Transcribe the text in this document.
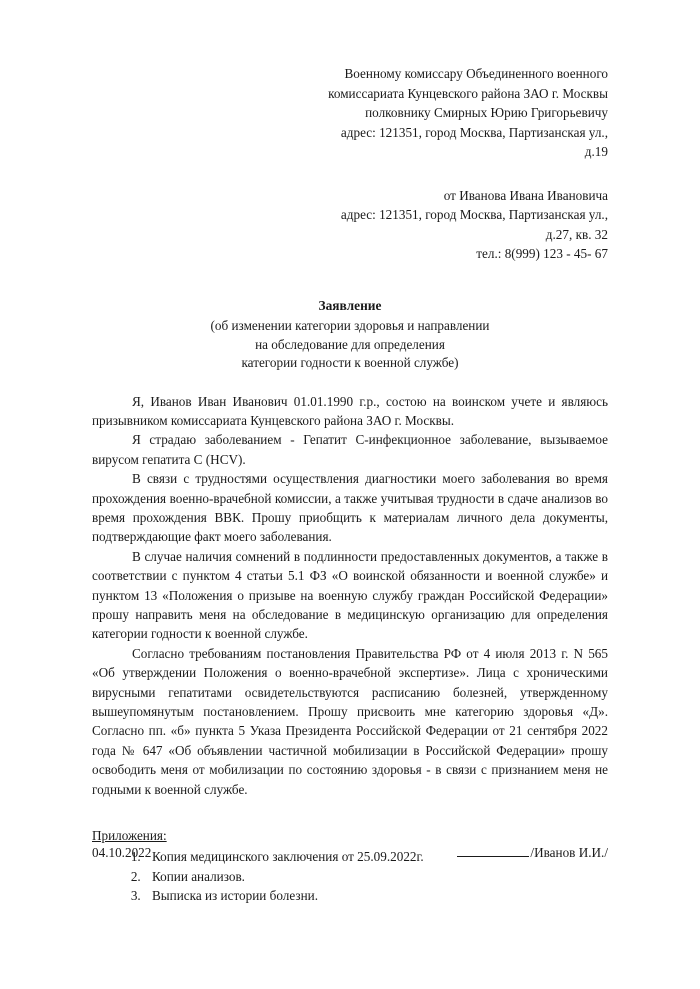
Военному комиссару Объединенного военного
комиссариата Кунцевского района ЗАО г. Москвы
полковнику Смирных Юрию Григорьевичу
адрес: 121351, город Москва, Партизанская ул.,
д.19
от Иванова Ивана Ивановича
адрес: 121351, город Москва, Партизанская ул.,
д.27, кв. 32
тел.: 8(999) 123 - 45- 67
Заявление
(об изменении категории здоровья и направлении
на обследование для определения
категории годности к военной службе)

Я, Иванов Иван Иванович 01.01.1990 г.р., состою на воинском учете и являюсь призывником комиссариата Кунцевского района ЗАО г. Москвы.

Я страдаю заболеванием - Гепатит С-инфекционное заболевание, вызываемое вирусом гепатита С (HCV).

В связи с трудностями осуществления диагностики моего заболевания во время прохождения военно-врачебной комиссии, а также учитывая трудности в сдаче анализов во время прохождения ВВК. Прошу приобщить к материалам личного дела документы, подтверждающие факт моего заболевания.

В случае наличия сомнений в подлинности предоставленных документов, а также в соответствии с пунктом 4 статьи 5.1 ФЗ «О воинской обязанности и военной службе» и пунктом 13 «Положения о призыве на военную службу граждан Российской Федерации» прошу направить меня на обследование в медицинскую организацию для определения категории годности к военной службе.

Согласно требованиям постановления Правительства РФ от 4 июля 2013 г. N 565 «Об утверждении Положения о военно-врачебной экспертизе». Лица с хроническими вирусными гепатитами освидетельствуются расписанию болезней, утвержденному вышеупомянутым постановлением. Прошу присвоить мне категорию здоровья «Д». Согласно пп. «б» пункта 5 Указа Президента Российской Федерации от 21 сентября 2022 года № 647 «Об объявлении частичной мобилизации в Российской Федерации» прошу освободить меня от мобилизации по состоянию здоровья - в связи с признанием меня не годными к военной службе.

Приложения:
1. Копия медицинского заключения от 25.09.2022г.
2. Копии анализов.
3. Выписка из истории болезни.
04.10.2022	/Иванов И.И./
